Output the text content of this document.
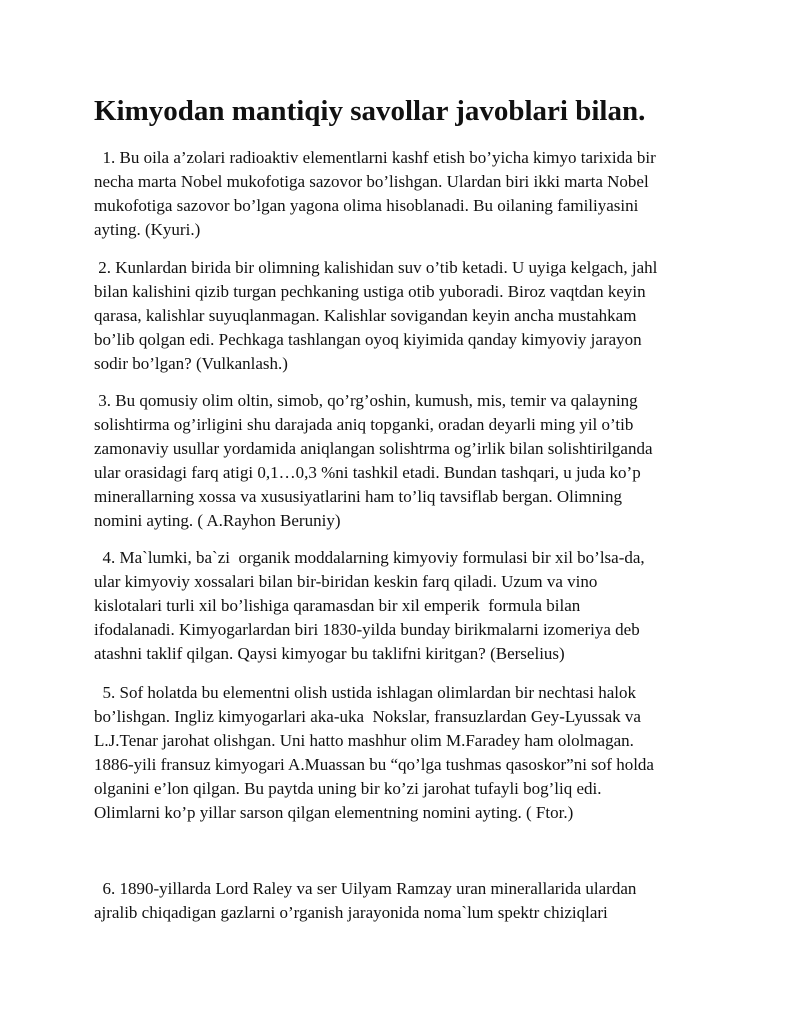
Kimyodan mantiqiy savollar javoblari bilan.
1. Bu oila a’zolari radioaktiv elementlarni kashf etish bo’yicha kimyo tarixida bir
necha marta Nobel mukofotiga sazovor bo’lishgan. Ulardan biri ikki marta Nobel
mukofotiga sazovor bo’lgan yagona olima hisoblanadi. Bu oilaning familiyasini
ayting. (Kyuri.)
2. Kunlardan birida bir olimning kalishidan suv o’tib ketadi. U uyiga kelgach, jahl
bilan kalishini qizib turgan pechkaning ustiga otib yuboradi. Biroz vaqtdan keyin
qarasa, kalishlar suyuqlanmagan. Kalishlar sovigandan keyin ancha mustahkam
bo’lib qolgan edi. Pechkaga tashlangan oyoq kiyimida qanday kimyoviy jarayon
sodir bo’lgan? (Vulkanlash.)
3. Bu qomusiy olim oltin, simob, qo’rg’oshin, kumush, mis, temir va qalayning
solishtirma og’irligini shu darajada aniq topganki, oradan deyarli ming yil o’tib
zamonaviy usullar yordamida aniqlangan solishtrma og’irlik bilan solishtirilganda
ular orasidagi farq atigi 0,1…0,3 %ni tashkil etadi. Bundan tashqari, u juda ko’p
minerallarning xossa va xususiyatlarini ham to’liq tavsiflab bergan. Olimning
nomini ayting. ( A.Rayhon Beruniy)
4. Ma`lumki, ba`zi  organik moddalarning kimyoviy formulasi bir xil bo’lsa-da,
ular kimyoviy xossalari bilan bir-biridan keskin farq qiladi. Uzum va vino
kislotalari turli xil bo’lishiga qaramasdan bir xil emperik  formula bilan
ifodalanadi. Kimyogarlardan biri 1830-yilda bunday birikmalarni izomeriya deb
atashni taklif qilgan. Qaysi kimyogar bu taklifni kiritgan? (Berselius)
5. Sof holatda bu elementni olish ustida ishlagan olimlardan bir nechtasi halok
bo’lishgan. Ingliz kimyogarlari aka-uka  Nokslar, fransuzlardan Gey-Lyussak va
L.J.Tenar jarohat olishgan. Uni hatto mashhur olim M.Faradey ham ololmagan.
1886-yili fransuz kimyogari A.Muassan bu “qo’lga tushmas qasoskor”ni sof holda
olganini e’lon qilgan. Bu paytda uning bir ko’zi jarohat tufayli bog’liq edi.
Olimlarni ko’p yillar sarson qilgan elementning nomini ayting. ( Ftor.)
6. 1890-yillarda Lord Raley va ser Uilyam Ramzay uran minerallarida ulardan
ajralib chiqadigan gazlarni o’rganish jarayonida noma`lum spektr chiziqlari
